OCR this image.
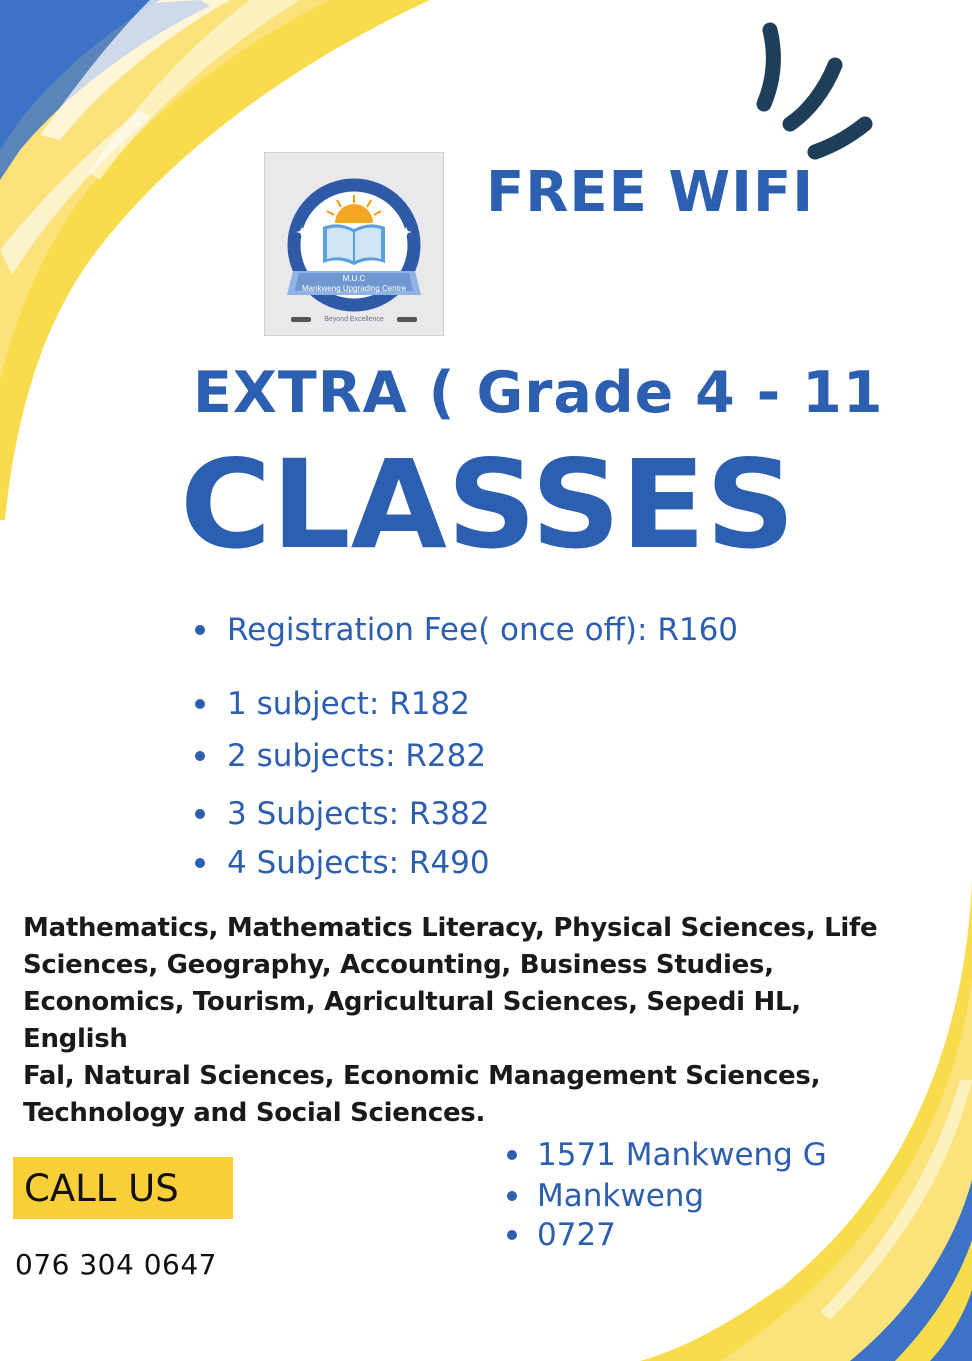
M.U.C
Mankweng Upgrading Centre
Beyond Excellence
FREE WIFI
EXTRA ( Grade 4 - 11
CLASSES
Registration Fee( once off): R160
1 subject: R182
2 subjects: R282
3 Subjects: R382
4 Subjects: R490
Mathematics, Mathematics Literacy, Physical Sciences, Life
Sciences, Geography, Accounting, Business Studies,
Economics, Tourism, Agricultural Sciences, Sepedi HL, English
Fal, Natural Sciences, Economic Management Sciences,
Technology and Social Sciences.
CALL US
076 304 0647
1571 Mankweng G
Mankweng
0727
